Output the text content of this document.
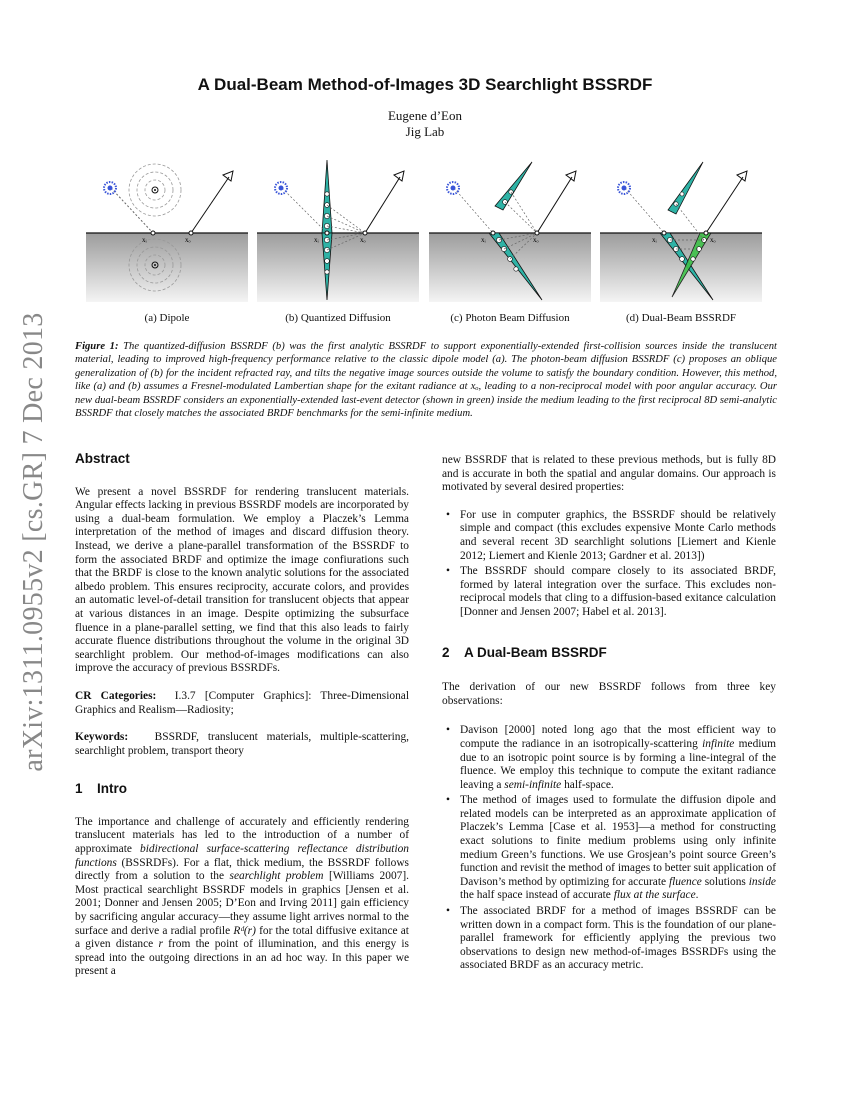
arXiv:1311.0955v2 [cs.GR] 7 Dec 2013
A Dual-Beam Method-of-Images 3D Searchlight BSSRDF
Eugene d’Eon
Jig Lab
xᵢ	xₒ	xᵢ	xₒ	xᵢ	xₒ	xᵢ	xₒ
(a) Dipole	(b) Quantized Diffusion	(c) Photon Beam Diffusion	(d) Dual-Beam BSSRDF
Figure 1: The quantized-diffusion BSSRDF (b) was the first analytic BSSRDF to support exponentially-extended first-collision sources inside the translucent material, leading to improved high-frequency performance relative to the classic dipole model (a). The photon-beam diffusion BSSRDF (c) proposes an oblique generalization of (b) for the incident refracted ray, and tilts the negative image sources outside the volume to satisfy the boundary condition. However, this method, like (a) and (b) assumes a Fresnel-modulated Lambertian shape for the exitant radiance at xₒ, leading to a non-reciprocal model with poor angular accuracy. Our new dual-beam BSSRDF considers an exponentially-extended last-event detector (shown in green) inside the medium leading to the first reciprocal 8D semi-analytic BSSRDF that closely matches the associated BRDF benchmarks for the semi-infinite medium.
Abstract

We present a novel BSSRDF for rendering translucent materials. Angular effects lacking in previous BSSRDF models are incorporated by using a dual-beam formulation. We employ a Placzek’s Lemma interpretation of the method of images and discard diffusion theory. Instead, we derive a plane-parallel transformation of the BSSRDF to form the associated BRDF and optimize the image confiurations such that the BRDF is close to the known analytic solutions for the associated albedo problem. This ensures reciprocity, accurate colors, and provides an automatic level-of-detail transition for translucent objects that appear at various distances in an image. Despite optimizing the subsurface fluence in a plane-parallel setting, we find that this also leads to fairly accurate fluence distributions throughout the volume in the original 3D searchlight problem. Our method-of-images modifications can also improve the accuracy of previous BSSRDFs.

CR Categories: I.3.7 [Computer Graphics]: Three-Dimensional Graphics and Realism—Radiosity;

Keywords: BSSRDF, translucent materials, multiple-scattering, searchlight problem, transport theory

1 Intro

The importance and challenge of accurately and efficiently rendering translucent materials has led to the introduction of a number of approximate bidirectional surface-scattering reflectance distribution functions (BSSRDFs). For a flat, thick medium, the BSSRDF follows directly from a solution to the searchlight problem [Williams 2007]. Most practical searchlight BSSRDF models in graphics [Jensen et al. 2001; Donner and Jensen 2005; D’Eon and Irving 2011] gain efficiency by sacrificing angular accuracy—they assume light arrives normal to the surface and derive a radial profile Rᵈ(r) for the total diffusive exitance at a given distance r from the point of illumination, and this energy is spread into the outgoing directions in an ad hoc way. In this paper we present a

new BSSRDF that is related to these previous methods, but is fully 8D and is accurate in both the spatial and angular domains. Our approach is motivated by several desired properties:

• For use in computer graphics, the BSSRDF should be relatively simple and compact (this excludes expensive Monte Carlo methods and several recent 3D searchlight solutions [Liemert and Kienle 2012; Liemert and Kienle 2013; Gardner et al. 2013])
• The BSSRDF should compare closely to its associated BRDF, formed by lateral integration over the surface. This excludes non-reciprocal models that cling to a diffusion-based exitance calculation [Donner and Jensen 2007; Habel et al. 2013].
2 A Dual-Beam BSSRDF

The derivation of our new BSSRDF follows from three key observations:

• Davison [2000] noted long ago that the most efficient way to compute the radiance in an isotropically-scattering infinite medium due to an isotropic point source is by forming a line-integral of the fluence. We employ this technique to compute the exitant radiance leaving a semi-infinite half-space.
• The method of images used to formulate the diffusion dipole and related models can be interpreted as an approximate application of Placzek’s Lemma [Case et al. 1953]—a method for constructing exact solutions to finite medium problems using only infinite medium Green’s functions. We use Grosjean’s point source Green’s function and revisit the method of images to better suit application of Davison’s method by optimizing for accurate fluence solutions inside the half space instead of accurate flux at the surface.
• The associated BRDF for a method of images BSSRDF can be written down in a compact form. This is the foundation of our plane-parallel framework for efficiently applying the previous two observations to design new method-of-images BSSRDFs using the associated BRDF as an accuracy metric.
